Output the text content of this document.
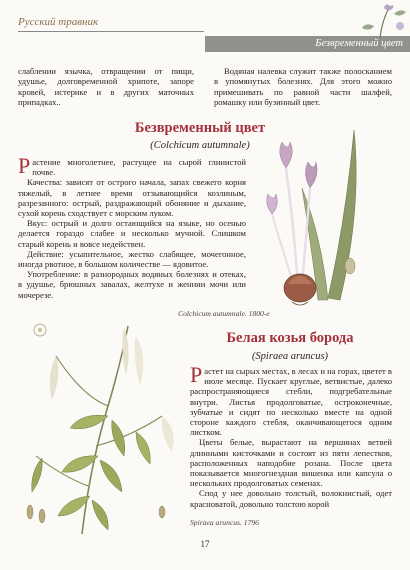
Русский травник
Безвременный цвет
слаблении язычка, отвращении от пищи, удушье, долговременной хрипоте, запоре кровей, истерике и в других маточных припадках..
Водяная налевка служит также полосканием в упомянутых болезнях. Для этого можно примешивать по равной части шалфей, ромашку или бузинный цвет.
Безвременный цвет
(Colchicum autumnale)

Растение многолетнее, растущее на сырой глинистой почве.

Качества: зависят от острого начала, запах свежего корня тяжелый, в летнее время отзывающийся козлиным, разрезанного: острый, раздражающий обоняние и дыхание, сухой корень сходствует с морским луком.

Вкус: острый и долго остающийся на языке, но осенью делается гораздо слабее и несколько мучной. Слишком старый корень и вовсе недействен.

Действие: усыпительное, жестко слабящее, мочегонное, иногда рвотное, в большом количестве — ядовитое.

Употребление: в разнородных водяных болезнях и отеках, в удушье, брюшных завалах, желтухе и женнии мочи или мочерезе.

Colchicum autumnale. 1800-е
Белая козья борода
(Spiraea aruncus)

Растет на сырых местах, в лесах и на горах, цветет в июле месяце. Пускает круглые, ветвистые, далеко распространяющиеся стебли, подгребательные внутри. Листья продолговатые, остроконечные, зубчатые и сидят по несколько вместе на одной стороне каждого стебля, оканчивающегося одним листком.

Цветы белые, вырастают на вершинах ветвей длинными кисточками и состоят из пяти лепестков, расположенных наподобие розана. После цвета показывается многогнездная вишенка или капсула о нескольких продолговатых семенах.

Спод у нее довольно толстый, волокнистый, одет красноватой, довольно толстою корой

Spiraea aruncus. 1796
17
